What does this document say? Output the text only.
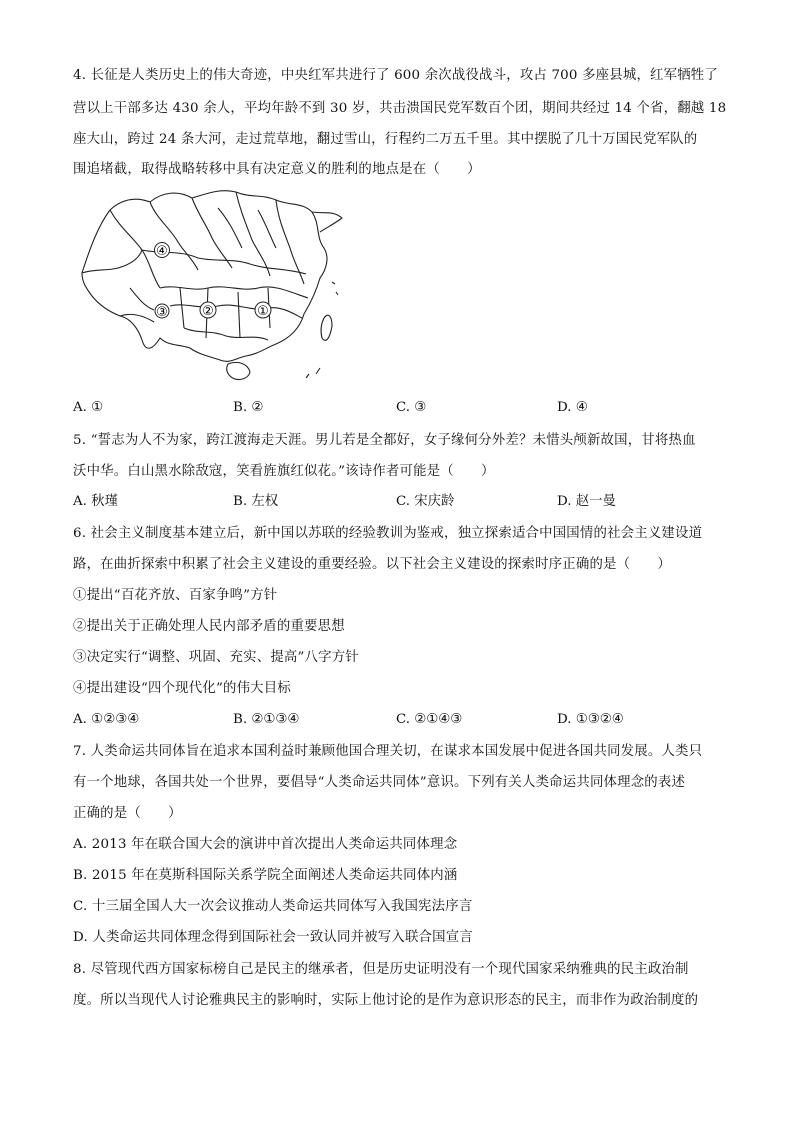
4. 长征是人类历史上的伟大奇迹，中央红军共进行了 600 余次战役战斗，攻占 700 多座县城，红军牺牲了
营以上干部多达 430 余人，平均年龄不到 30 岁，共击溃国民党军数百个团，期间共经过 14 个省，翻越 18
座大山，跨过 24 条大河，走过荒草地，翻过雪山，行程约二万五千里。其中摆脱了几十万国民党军队的
围追堵截，取得战略转移中具有决定意义的胜利的地点是在（　　）
④
③	②	①
A. ①	B. ②	C. ③	D. ④
5. “誓志为人不为家，跨江渡海走天涯。男儿若是全都好，女子缘何分外差？未惜头颅新故国，甘将热血
沃中华。白山黑水除敌寇，笑看旌旗红似花。”该诗作者可能是（　　）
A. 秋瑾	B. 左权	C. 宋庆龄	D. 赵一曼
6. 社会主义制度基本建立后，新中国以苏联的经验教训为鉴戒，独立探索适合中国国情的社会主义建设道
路，在曲折探索中积累了社会主义建设的重要经验。以下社会主义建设的探索时序正确的是（　　）
①提出“百花齐放、百家争鸣”方针
②提出关于正确处理人民内部矛盾的重要思想
③决定实行“调整、巩固、充实、提高”八字方针
④提出建设“四个现代化”的伟大目标
A. ①②③④	B. ②①③④	C. ②①④③	D. ①③②④
7. 人类命运共同体旨在追求本国利益时兼顾他国合理关切，在谋求本国发展中促进各国共同发展。人类只
有一个地球，各国共处一个世界，要倡导“人类命运共同体”意识。下列有关人类命运共同体理念的表述
正确的是（　　）
A. 2013 年在联合国大会的演讲中首次提出人类命运共同体理念
B. 2015 年在莫斯科国际关系学院全面阐述人类命运共同体内涵
C. 十三届全国人大一次会议推动人类命运共同体写入我国宪法序言
D. 人类命运共同体理念得到国际社会一致认同并被写入联合国宣言
8. 尽管现代西方国家标榜自己是民主的继承者，但是历史证明没有一个现代国家采纳雅典的民主政治制
度。所以当现代人讨论雅典民主的影响时，实际上他讨论的是作为意识形态的民主，而非作为政治制度的
